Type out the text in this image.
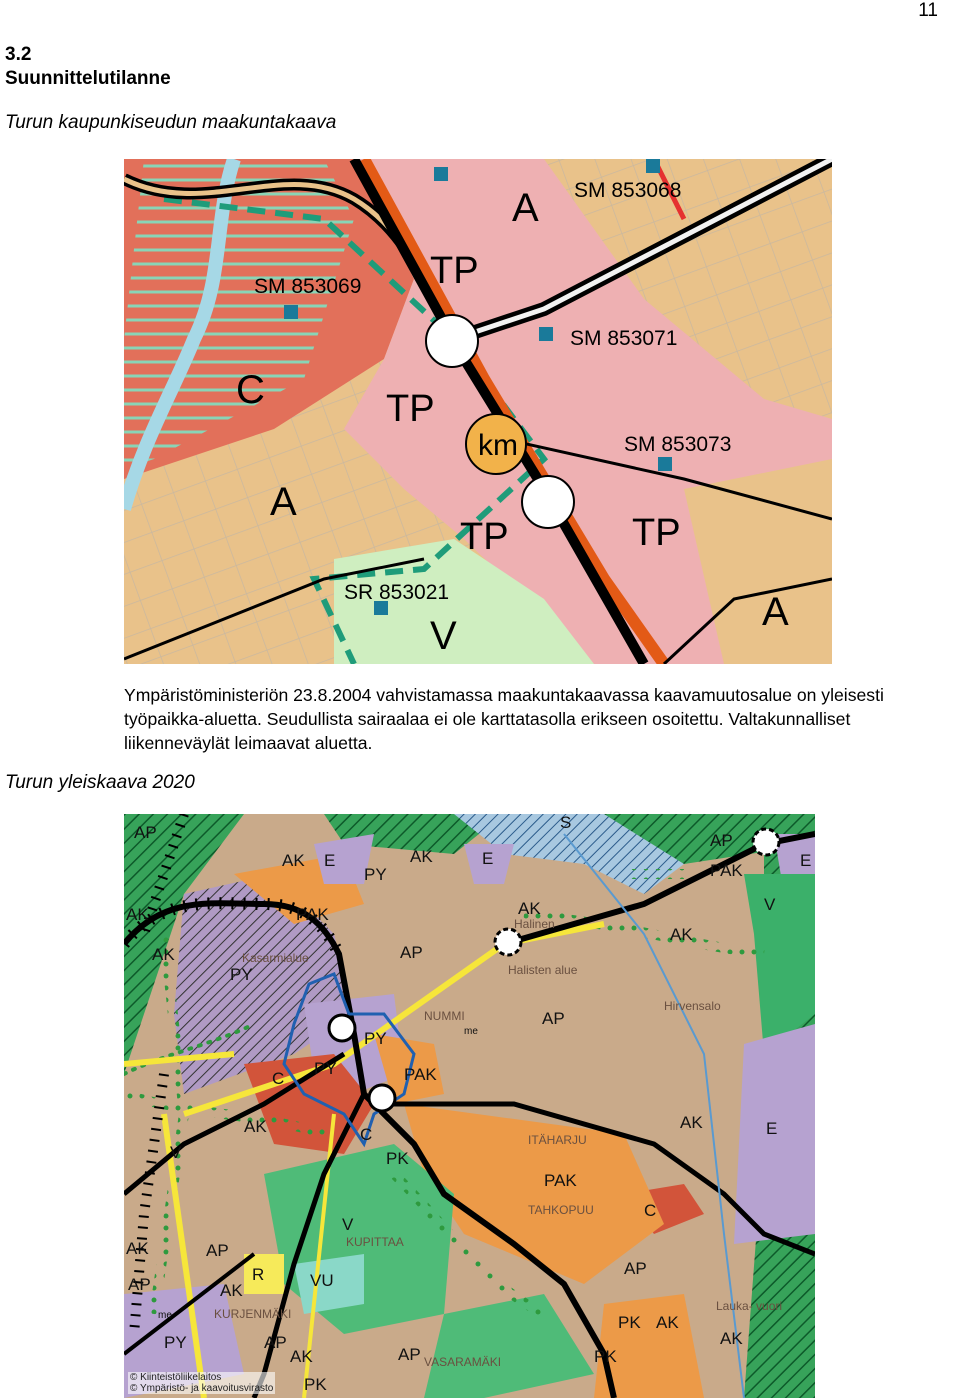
11
3.2
Suunnittelutilanne
Turun kaupunkiseudun maakuntakaava
A SM 853068
TP
SM 853069
SM 853071
C	TP
km	SM 853073
A
TP	TP
SR 853021
V
A
Ympäristöministeriön 23.8.2004 vahvistamassa maakuntakaavassa kaavamuutosalue on yleisesti työpaikka-aluetta. Seudullista sairaalaa ei ole karttatasolla erikseen osoitettu. Valtakunnalliset liikenneväylät leimaavat aluetta.
Turun yleiskaava 2020
AP
AK E
PY
AK	E
S
AP
E
PAK
AK	PAK	AK	V
PY
AP
AK
AK
PY	me
AP
PY
C	PAK
AK	C
PK
PAK
V
AK	E
C
AP
V
AK
AP
R	VU
AP	AK
me
PY
AP
AK
PK AK
AP
PK
AK
PK
Kasarmialue
Halinen
Hirvensalo
KUPITTAA
TAHKOPUU
VASARAMÄKI
Lauka- vuori
ITÄHARJU
NUMMI
KURJENMÄKI
Halisten alue
© Kiinteistöliikelaitos
© Ympäristö- ja kaavoitusvirasto
